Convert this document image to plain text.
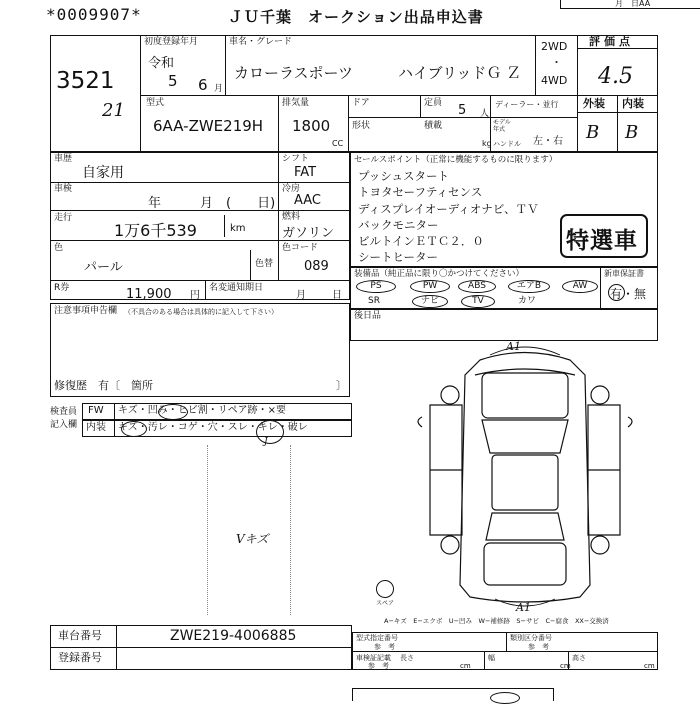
*0009907*	ＪＵ千葉　オークション出品申込書
月　日AA
3521
21
初度登録年月
令和
5 6 月
車名・グレード
カローラスポーツ	ハイブリッドＧ Ｚ
2WD
・
4WD
評価点
4.5
型式
6AA-ZWE219H
排気量
1800
CC
ドア	定員 5 人
形状	積載
kg
ディーラー・並行
モデル年式
ハンドル 左・右
外装 内装
B B
車歴
自家用
車検
年	月 (　　日)
走行
1万6千539	km
色
パール	色替
シフト
FAT
冷房
AAC
燃料
ガソリン
色コード
089
R券	11,900 円
名変通知期日
月	日
セールスポイント（正常に機能するものに限ります）
プッシュスタート
トヨタセーフティセンス
ディスプレイオーディオナビ、ＴＶ
バックモニター
ビルトインＥＴＣ２．０
シートヒーター
特選車
装備品（純正品に限り〇かつけてください）
PS	PW	ABS	エアB	AW
SR	ナビ	TV	カワ
新車保証書
有・無
注意事項申告欄 （不具合のある場合は具体的に記入して下さい）
修復歴　有〔　箇所	〕
後日品
検査員
記入欄
FW キズ・凹み・ヒビ割・リペア跡・×要
内装 キズ・汚レ・コゲ・穴・スレ・キレ・破レ
J
Vキズ
スペア
A1
A1
A−キズ　E−エクボ　U−凹み　W−補修跡　S−サビ　C−腐食　XX−交換済
車台番号	ZWE219-4006885
登録番号
型式指定番号
参　考
類別区分番号
参　考
車検証記載
参　考
長さ
cm
幅
cm
高さ
cm
